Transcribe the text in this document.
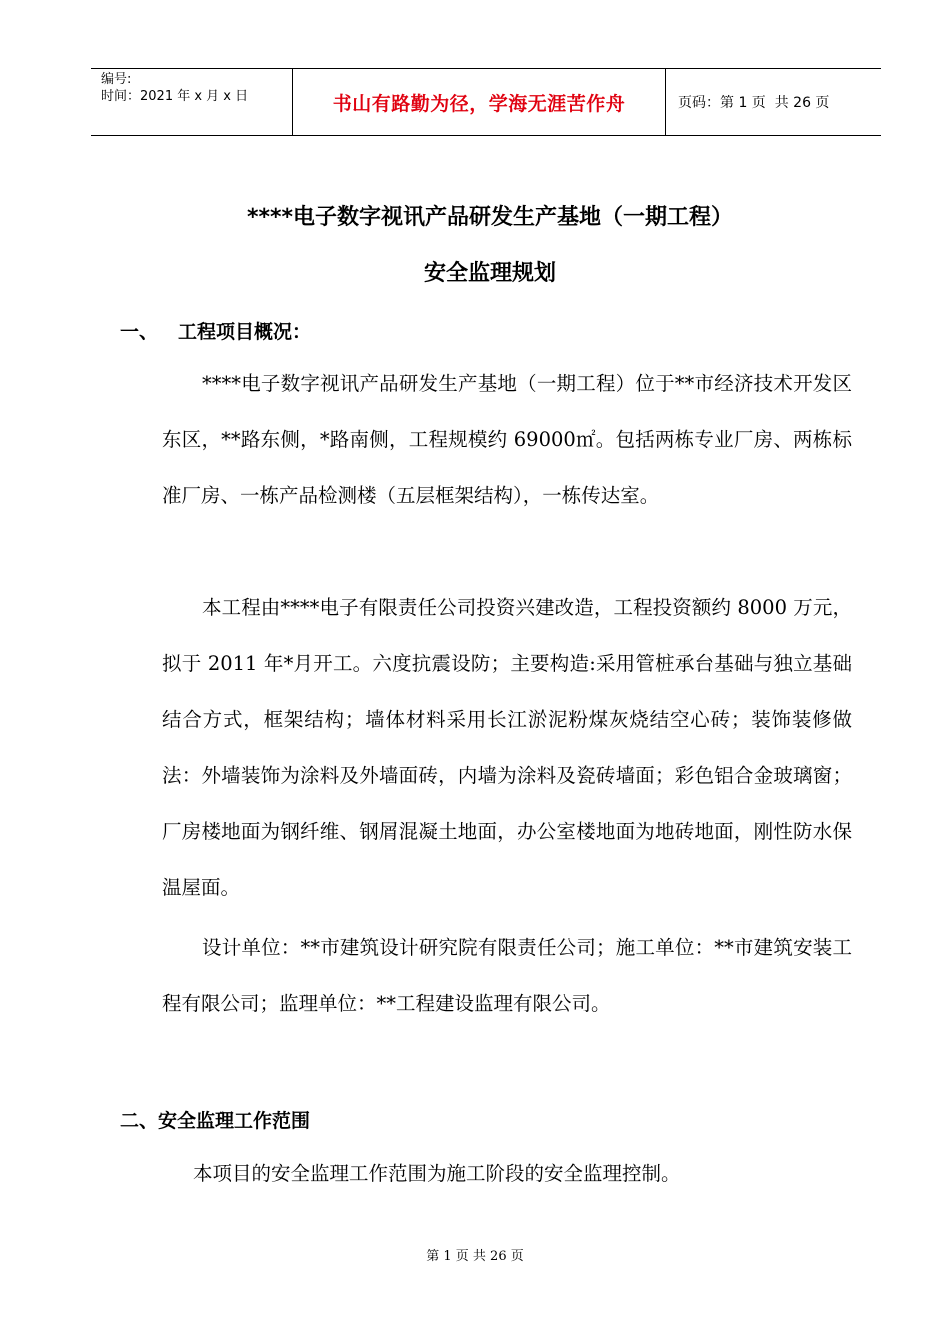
编号:
时间：2021 年 x 月 x 日	书山有路勤为径，学海无涯苦作舟	页码：第 1 页  共 26 页
****电子数字视讯产品研发生产基地（一期工程）
安全监理规划
一、 工程项目概况：
****电子数字视讯产品研发生产基地（一期工程）位于**市经济技术开发区东区，**路东侧，*路南侧，工程规模约 69000㎡。包括两栋专业厂房、两栋标准厂房、一栋产品检测楼（五层框架结构），一栋传达室。
本工程由****电子有限责任公司投资兴建改造，工程投资额约 8000 万元，拟于 2011 年*月开工。六度抗震设防；主要构造:采用管桩承台基础与独立基础结合方式，框架结构；墙体材料采用长江淤泥粉煤灰烧结空心砖；装饰装修做法：外墙装饰为涂料及外墙面砖，内墙为涂料及瓷砖墙面；彩色铝合金玻璃窗；厂房楼地面为钢纤维、钢屑混凝土地面，办公室楼地面为地砖地面，刚性防水保温屋面。
设计单位：**市建筑设计研究院有限责任公司；施工单位：**市建筑安装工程有限公司；监理单位：**工程建设监理有限公司。
二、安全监理工作范围
本项目的安全监理工作范围为施工阶段的安全监理控制。
第 1 页 共 26 页
